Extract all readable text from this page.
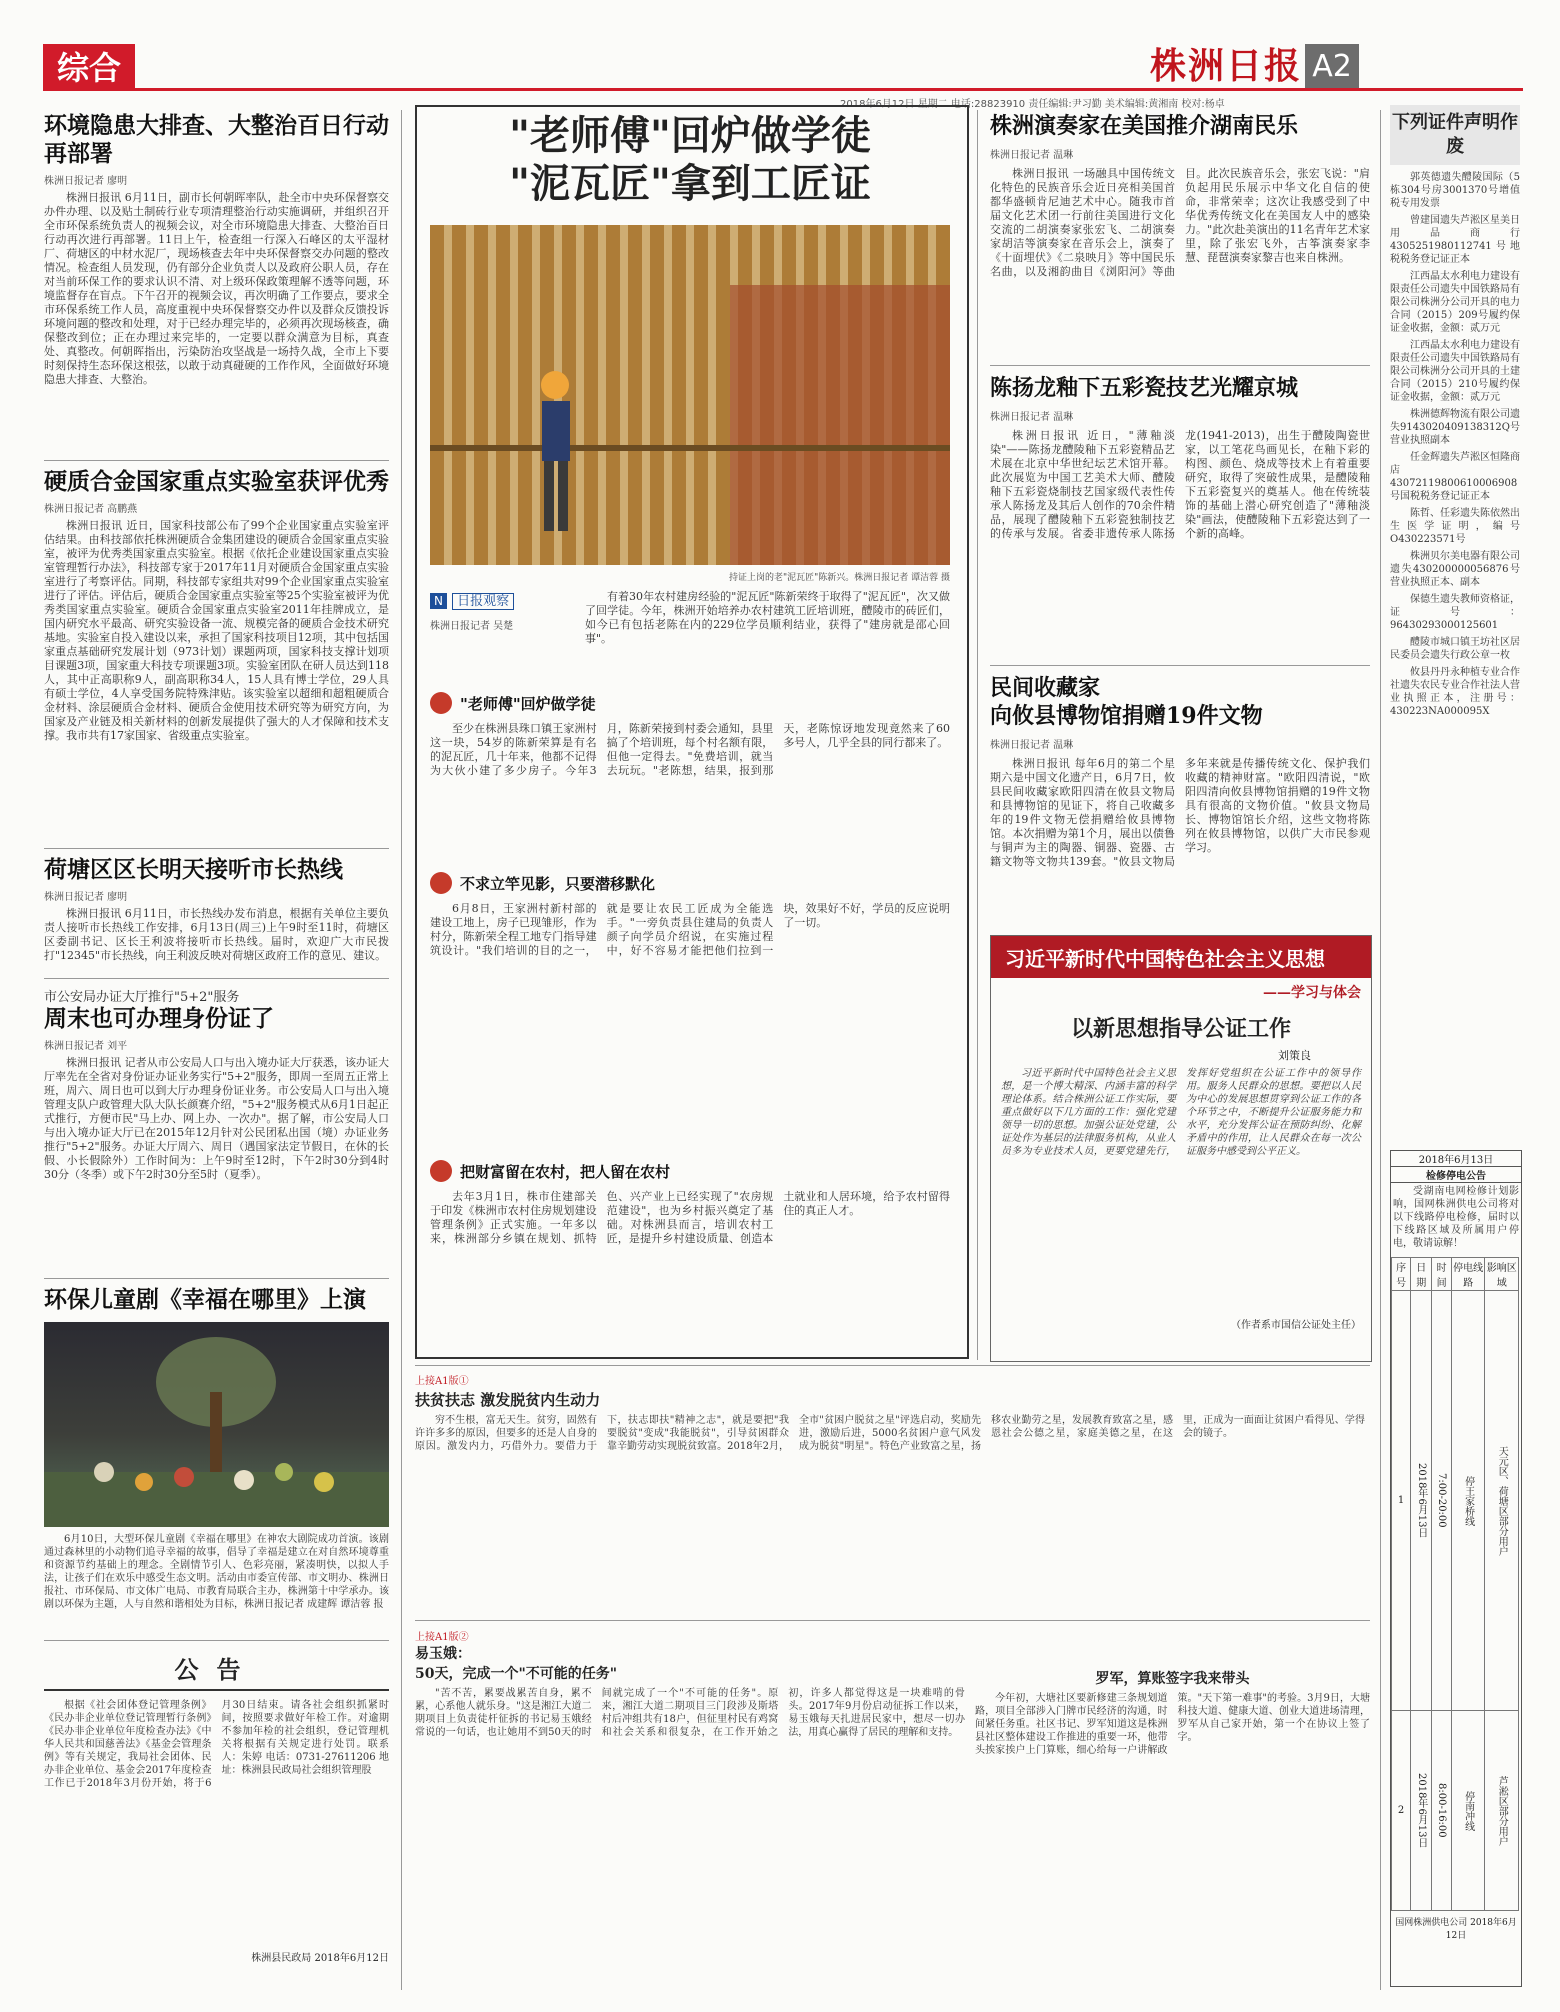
综合	株洲日报 A2
2018年6月12日 星期二 电话:28823910 责任编辑:尹习勤 美术编辑:黄湘南 校对:杨卓
环境隐患大排查、大整治百日行动再部署
株洲日报记者 廖明

株洲日报讯 6月11日，副市长何朝晖率队，赴全市中央环保督察交办件办理、以及贴土制砖行业专项清理整治行动实施调研，并组织召开全市环保系统负责人的视频会议，对全市环境隐患大排查、大整治百日行动再次进行再部署。11日上午，检查组一行深入石峰区的太平湿材厂、荷塘区的中材水泥厂，现场核查去年中央环保督察交办问题的整改情况。检查组人员发现，仍有部分企业负责人以及政府公职人员，存在对当前环保工作的要求认识不清、对上级环保政策理解不透等问题，环境监督存在盲点。下午召开的视频会议，再次明确了工作要点，要求全市环保系统工作人员，高度重视中央环保督察交办件以及群众反馈投诉环境问题的整改和处理，对于已经办理完毕的，必须再次现场核查，确保整改到位；正在办理过来完毕的，一定要以群众满意为目标，真查处、真整改。何朝晖指出，污染防治攻坚战是一场持久战，全市上下要时刻保持生态环保这根弦，以敢于动真碰硬的工作作风，全面做好环境隐患大排查、大整治。

硬质合金国家重点实验室获评优秀
株洲日报记者 高鹏燕

株洲日报讯 近日，国家科技部公布了99个企业国家重点实验室评估结果。由科技部依托株洲硬质合金集团建设的硬质合金国家重点实验室，被评为优秀类国家重点实验室。根据《依托企业建设国家重点实验室管理暂行办法》，科技部专家于2017年11月对硬质合金国家重点实验室进行了考察评估。同期，科技部专家组共对99个企业国家重点实验室进行了评估。评估后，硬质合金国家重点实验室等25个实验室被评为优秀类国家重点实验室。硬质合金国家重点实验室2011年挂牌成立，是国内研究水平最高、研究实验设备一流、规模完备的硬质合金技术研究基地。实验室自投入建设以来，承担了国家科技项目12项，其中包括国家重点基础研究发展计划（973计划）课题两项，国家科技支撑计划项目课题3项，国家重大科技专项课题3项。实验室团队在研人员达到118人，其中正高职称9人，副高职称34人，15人具有博士学位，29人具有硕士学位，4人享受国务院特殊津贴。该实验室以超细和超粗硬质合金材料、涂层硬质合金材料、硬质合金使用技术研究等为研究方向，为国家及产业链及相关新材料的创新发展提供了强大的人才保障和技术支撑。我市共有17家国家、省级重点实验室。

荷塘区区长明天接听市长热线
株洲日报记者 廖明

株洲日报讯 6月11日，市长热线办发布消息，根据有关单位主要负责人接听市长热线工作安排，6月13日(周三)上午9时至11时，荷塘区区委副书记、区长王利波将接听市长热线。届时，欢迎广大市民拨打"12345"市长热线，向王利波反映对荷塘区政府工作的意见、建议。

市公安局办证大厅推行"5+2"服务
周末也可办理身份证了
株洲日报记者 刘平

株洲日报讯 记者从市公安局人口与出入境办证大厅获悉，该办证大厅率先在全省对身份证办证业务实行"5+2"服务，即周一至周五正常上班，周六、周日也可以到大厅办理身份证业务。市公安局人口与出入境管理支队户政管理大队大队长颜赛介绍，"5+2"服务模式从6月1日起正式推行，方便市民"马上办、网上办、一次办"。据了解，市公安局人口与出入境办证大厅已在2015年12月针对公民团私出国（境）办证业务推行"5+2"服务。办证大厅周六、周日（遇国家法定节假日，在休的长假、小长假除外）工作时间为：上午9时至12时，下午2时30分到4时30分（冬季）或下午2时30分至5时（夏季）。

环保儿童剧《幸福在哪里》上演

6月10日，大型环保儿童剧《幸福在哪里》在神农大剧院成功首演。该剧通过森林里的小动物们追寻幸福的故事，倡导了幸福是建立在对自然环境尊重和资源节约基础上的理念。全剧情节引人、色彩亮丽，紧凑明快，以拟人手法，让孩子们在欢乐中感受生态文明。活动由市委宣传部、市文明办、株洲日报社、市环保局、市文体广电局、市教育局联合主办，株洲第十中学承办。该剧以环保为主题，人与自然和谐相处为目标，株洲日报记者 成建辉 谭洁蓉 报

公告

根据《社会团体登记管理条例》《民办非企业单位登记管理暂行条例》《民办非企业单位年度检查办法》《中华人民共和国慈善法》《基金会管理条例》等有关规定，我局社会团体、民办非企业单位、基金会2017年度检查工作已于2018年3月份开始，将于6月30日结束。请各社会组织抓紧时间，按照要求做好年检工作。对逾期不参加年检的社会组织，登记管理机关将根据有关规定进行处罚。联系人：朱婷 电话：0731-27611206 地址：株洲县民政局社会组织管理股

株洲县民政局 2018年6月12日
"老师傅"回炉做学徒
"泥瓦匠"拿到工匠证
持证上岗的老"泥瓦匠"陈新兴。株洲日报记者 谭洁蓉 摄
N 日报观察
株洲日报记者 吴楚

有着30年农村建房经验的"泥瓦匠"陈新荣终于取得了"泥瓦匠"，次又做了回学徒。今年，株洲开始培养办农村建筑工匠培训班，醴陵市的砖匠们，如今已有包括老陈在内的229位学员顺利结业，获得了"建房就是邵心回事"。

"老师傅"回炉做学徒

至少在株洲县珠口镇王家洲村这一块，54岁的陈新荣算是有名的泥瓦匠，几十年来，他都不记得为大伙小建了多少房子。今年3月，陈新荣接到村委会通知，县里搞了个培训班，每个村名额有限，但他一定得去。"免费培训，就当去玩玩。"老陈想，结果，报到那天，老陈惊讶地发现竟然来了60多号人，几乎全县的同行都来了。

不求立竿见影，只要潜移默化

6月8日，王家洲村新村部的建设工地上，房子已现雏形，作为村分，陈新荣全程工地专门指导建筑设计。"我们培训的目的之一，就是要让农民工匠成为全能选手。"一旁负责县住建局的负责人颜子向学员介绍说，在实施过程中，好不容易才能把他们拉到一块，效果好不好，学员的反应说明了一切。

把财富留在农村，把人留在农村

去年3月1日，株市住建部关于印发《株洲市农村住房规划建设管理条例》正式实施。一年多以来，株洲部分乡镇在规划、抓特色、兴产业上已经实现了"农房规范建设"，也为乡村振兴奠定了基础。对株洲县而言，培训农村工匠，是提升乡村建设质量、创造本土就业和人居环境，给予农村留得住的真正人才。

上接A1版①
扶贫扶志 激发脱贫内生动力

穷不生根，富无天生。贫穷，固然有许许多多的原因，但要多的还是人自身的原因。激发内力，巧借外力。要借力于下，扶志即扶"精神之志"，就是要把"我要脱贫"变成"我能脱贫"，引导贫困群众靠辛勤劳动实现脱贫致富。2018年2月，全市"贫困户脱贫之星"评选启动，奖励先进，激励后进，5000名贫困户意气风发成为脱贫"明星"。特色产业致富之星，扬移农业勤劳之星，发展教育致富之星，感恩社会公德之星，家庭美德之星，在这里，正成为一面面让贫困户看得见、学得会的镜子。

上接A1版②
易玉娥：
50天，完成一个"不可能的任务"

"苦不苦，累要战累苦自身，累不累，心系他人就乐身。"这是湘江大道二期项目上负责徒杆征拆的书记易玉娥经常说的一句话，也让她用不到50天的时间就完成了一个"不可能的任务"。原来，湘江大道二期项目三门段涉及斯塔村后冲组共有18户，但征里村民有鸡窝和社会关系和很复杂，在工作开始之初，许多人都觉得这是一块难啃的骨头。2017年9月份启动征拆工作以来，易玉娥每天扎进居民家中，想尽一切办法，用真心赢得了居民的理解和支持。

罗军，算账签字我来带头

今年初，大塘社区要新修建三条规划道路，项目全部涉入门牌市民经济的沟通，时间紧任务重。社区书记、罗军知道这是株洲县社区整体建设工作推进的重要一环，他带头挨家挨户上门算账，细心给每一户讲解政策。"天下第一难事"的考验。3月9日，大塘科技大道、健康大道、创业大道进场清理，罗军从自己家开始，第一个在协议上签了字。

株洲演奏家在美国推介湖南民乐
株洲日报记者 温琳

株洲日报讯 一场融具中国传统文化特色的民族音乐会近日亮相美国首都华盛顿肯尼迪艺术中心。随我市首届文化艺术团一行前往美国进行文化交流的二胡演奏家张宏飞、二胡演奏家胡洁等演奏家在音乐会上，演奏了《十面埋伏》《二泉映月》等中国民乐名曲，以及湘韵曲目《浏阳河》等曲目。此次民族音乐会，张宏飞说："肩负起用民乐展示中华文化自信的使命，非常荣幸；这次让我感受到了中华优秀传统文化在美国友人中的感染力。"此次赴美演出的11名青年艺术家里，除了张宏飞外，古筝演奏家李慧、琵琶演奏家黎吉也来自株洲。

陈扬龙釉下五彩瓷技艺光耀京城
株洲日报记者 温琳

株洲日报讯 近日，"薄釉淡染"——陈扬龙醴陵釉下五彩瓷精品艺术展在北京中华世纪坛艺术馆开幕。此次展览为中国工艺美术大师、醴陵釉下五彩瓷烧制技艺国家级代表性传承人陈扬龙及其后人创作的70余件精品，展现了醴陵釉下五彩瓷独制技艺的传承与发展。省委非遗传承人陈扬龙(1941-2013)，出生于醴陵陶瓷世家，以工笔花鸟画见长，在釉下彩的构图、颜色、烧成等技术上有着重要研究，取得了突破性成果，是醴陵釉下五彩瓷复兴的奠基人。他在传统装饰的基础上潜心研究创造了"薄釉淡染"画法，使醴陵釉下五彩瓷达到了一个新的高峰。

民间收藏家
向攸县博物馆捐赠19件文物
株洲日报记者 温琳

株洲日报讯 每年6月的第二个星期六是中国文化遗产日，6月7日，攸县民间收藏家欧阳四清在攸县文物局和县博物馆的见证下，将自己收藏多年的19件文物无偿捐赠给攸县博物馆。本次捐赠为第1个月，展出以债鲁与铜声为主的陶器、铜器、瓷器、古籍文物等文物共139套。"攸县文物局多年来就是传播传统文化、保护我们收藏的精神财富。"欧阳四清说，"欧阳四清向攸县博物馆捐赠的19件文物具有很高的文物价值。"攸县文物局长、博物馆馆长介绍，这些文物将陈列在攸县博物馆，以供广大市民参观学习。

习近平新时代中国特色社会主义思想
——学习与体会
以新思想指导公证工作
刘策良

习近平新时代中国特色社会主义思想，是一个博大精深、内涵丰富的科学理论体系。结合株洲公证工作实际，要重点做好以下几方面的工作：强化党建领导一切的思想。加强公证处党建，公证处作为基层的法律服务机构，从业人员多为专业技术人员，更要党建先行，发挥好党组织在公证工作中的领导作用。服务人民群众的思想。要把以人民为中心的发展思想贯穿到公证工作的各个环节之中，不断提升公证服务能力和水平，充分发挥公证在预防纠纷、化解矛盾中的作用，让人民群众在每一次公证服务中感受到公平正义。

（作者系市国信公证处主任）
下列证件声明作废

郭英德遗失醴陵国际（5栋304号房3001370号增值税专用发票

曾建国遗失芦淞区星美日用品商行4305251980112741号地税税务登记证正本

江西晶太水利电力建设有限责任公司遗失中国铁路局有限公司株洲分公司开具的电力合同（2015）209号履约保证金收据，金额：贰万元

江西晶太水利电力建设有限责任公司遗失中国铁路局有限公司株洲分公司开具的土建合同（2015）210号履约保证金收据，金额：贰万元

株洲德辉物流有限公司遗失9143020409138312Q号营业执照副本

任金辉遗失芦淞区恒隆商店43072119800610006908号国税税务登记证正本

陈哲、任彩遗失陈依然出生医学证明，编号O430223571号

株洲贝尔美电器有限公司遗失430200000056876号营业执照正本、副本

保德生遗失教师资格证，证号：96430293000125601

醴陵市城口镇王坊社区居民委员会遗失行政公章一枚

攸县丹丹永种植专业合作社遗失农民专业合作社法人营业执照正本，注册号：430223NA000095X

2018年6月13日
检修停电公告

受湖南电网检修计划影响，国网株洲供电公司将对以下线路停电检修，届时以下线路区域及所属用户停电，敬请谅解！

序号	日期	时间	停电线路	影响区域
1	2018年6月13日	7:00-20:00	停王家桥线	天元区、荷塘区部分用户
2	2018年6月13日	8:00-16:00	停南冲线	芦淞区部分用户
国网株洲供电公司 2018年6月12日
